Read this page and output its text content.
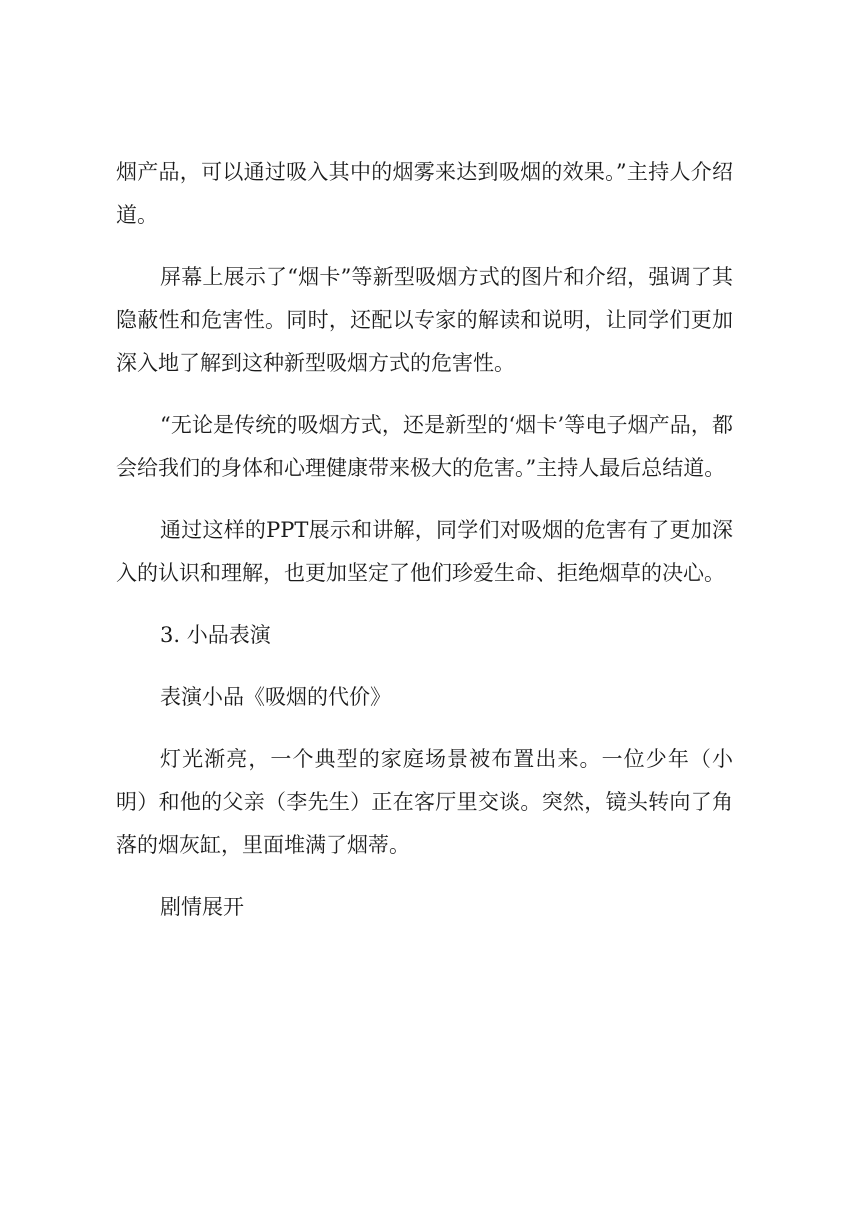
烟产品，可以通过吸入其中的烟雾来达到吸烟的效果。”主持人介绍道。

屏幕上展示了“烟卡”等新型吸烟方式的图片和介绍，强调了其隐蔽性和危害性。同时，还配以专家的解读和说明，让同学们更加深入地了解到这种新型吸烟方式的危害性。

“无论是传统的吸烟方式，还是新型的‘烟卡’等电子烟产品，都会给我们的身体和心理健康带来极大的危害。”主持人最后总结道。

通过这样的PPT展示和讲解，同学们对吸烟的危害有了更加深入的认识和理解，也更加坚定了他们珍爱生命、拒绝烟草的决心。

3. 小品表演

表演小品《吸烟的代价》

灯光渐亮，一个典型的家庭场景被布置出来。一位少年（小明）和他的父亲（李先生）正在客厅里交谈。突然，镜头转向了角落的烟灰缸，里面堆满了烟蒂。

剧情展开
